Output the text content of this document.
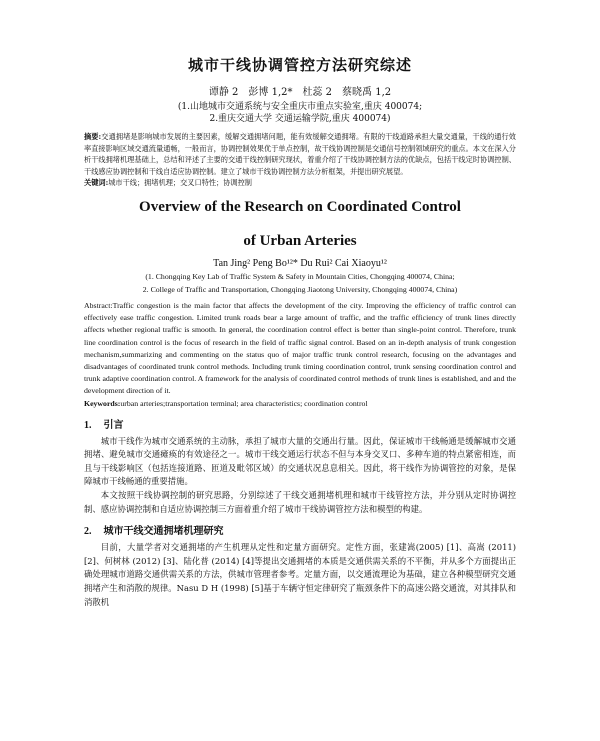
城市干线协调管控方法研究综述
谭静 2　彭博 1,2*　杜蕊 2　蔡晓禹 1,2
(1.山地城市交通系统与安全重庆市重点实验室,重庆 400074;
2.重庆交通大学 交通运输学院,重庆 400074)
摘要:交通拥堵是影响城市发展的主要因素，缓解交通拥堵问题，能有效缓解交通拥堵。有限的干线道路承担大量交通量，干线的通行效率直接影响区域交通流量通畅，一般而言，协调控制效果优于单点控制，故干线协调控制是交通信号控制领域研究的重点。本文在深入分析干线拥堵机理基础上，总结和评述了主要的交通干线控制研究现状，着重介绍了干线协调控制方法的优缺点，包括干线定时协调控制、干线感应协调控制和干线自适应协调控制。建立了城市干线协调控制方法分析框架，并提出研究展望。
关键词:城市干线；拥堵机理；交叉口特性；协调控制
Overview of the Research on Coordinated Control
of Urban Arteries
Tan Jing² Peng Bo¹²* Du Rui² Cai Xiaoyu¹²
(1. Chongqing Key Lab of Traffic System & Safety in Mountain Cities, Chongqing 400074, China;
2. College of Traffic and Transportation, Chongqing Jiaotong University, Chongqing 400074, China)
Abstract:Traffic congestion is the main factor that affects the development of the city. Improving the efficiency of traffic control can effectively ease traffic congestion. Limited trunk roads bear a large amount of traffic, and the traffic efficiency of trunk lines directly affects whether regional traffic is smooth. In general, the coordination control effect is better than single-point control. Therefore, trunk line coordination control is the focus of research in the field of traffic signal control. Based on an in-depth analysis of trunk congestion mechanism,summarizing and commenting on the status quo of major traffic trunk control research, focusing on the advantages and disadvantages of coordinated trunk control methods. Including trunk timing coordination control, trunk sensing coordination control and trunk adaptive coordination control. A framework for the analysis of coordinated control methods of trunk lines is established, and and the development direction of it.
Keywords:urban arteries;transportation terminal; area characteristics; coordination control
1. 引言

城市干线作为城市交通系统的主动脉，承担了城市大量的交通出行量。因此，保证城市干线畅通是缓解城市交通拥堵、避免城市交通瘫痪的有效途径之一。城市干线交通运行状态不但与本身交叉口、多种车道的特点紧密相连，而且与干线影响区（包括连接道路、匝道及毗邻区域）的交通状况息息相关。因此，将干线作为协调管控的对象，是保障城市干线畅通的重要措施。

本文按照干线协调控制的研究思路，分别综述了干线交通拥堵机理和城市干线管控方法，并分别从定时协调控制、感应协调控制和自适应协调控制三方面着重介绍了城市干线协调管控方法和模型的构建。

2. 城市干线交通拥堵机理研究

目前，大量学者对交通拥堵的产生机理从定性和定量方面研究。定性方面，张建嵩(2005) [1]、高嵩 (2011) [2]、何树林 (2012) [3]、陆化普 (2014) [4]等提出交通拥堵的本质是交通供需关系的不平衡，并从多个方面提出正确处理城市道路交通供需关系的方法，供城市管理者参考。定量方面，以交通流理论为基础，建立各种模型研究交通拥堵产生和消散的规律。Nasu D H (1998) [5]基于车辆守恒定律研究了瓶颈条件下的高速公路交通流，对其排队和消散机
